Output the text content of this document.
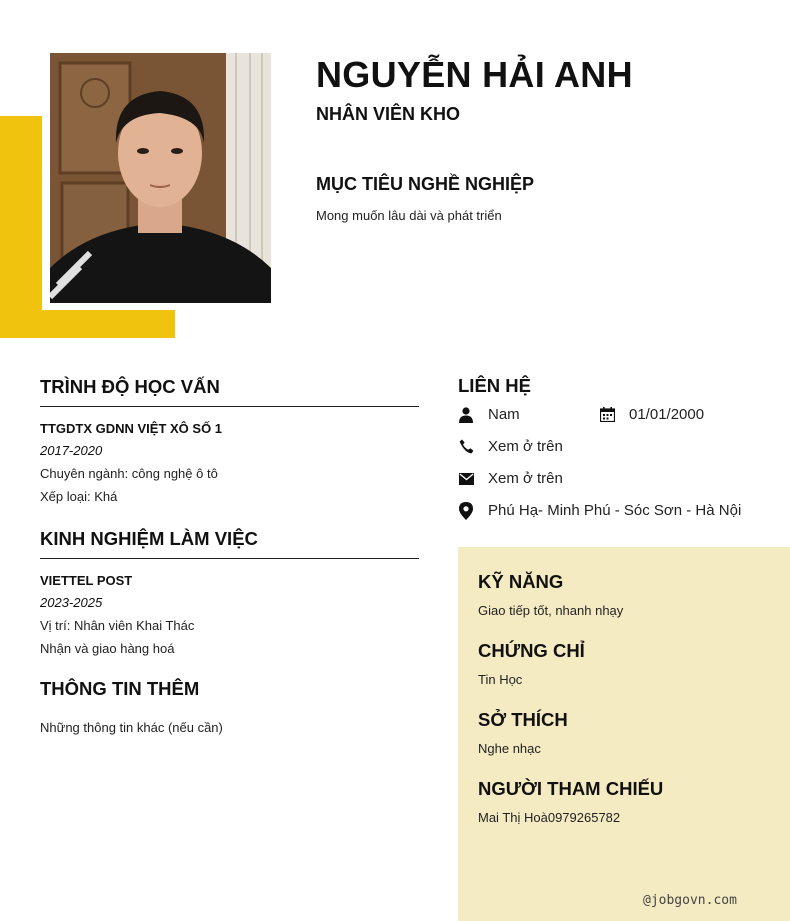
NGUYỄN HẢI ANH
NHÂN VIÊN KHO
MỤC TIÊU NGHỀ NGHIỆP
Mong muốn lâu dài và phát triển
TRÌNH ĐỘ HỌC VẤN
TTGDTX GDNN VIỆT XÔ SỐ 1
2017-2020
Chuyên ngành: công nghệ ô tô
Xếp loại: Khá
KINH NGHIỆM LÀM VIỆC
VIETTEL POST
2023-2025
Vị trí: Nhân viên Khai Thác
Nhận và giao hàng hoá
THÔNG TIN THÊM
Những thông tin khác (nếu cần)
LIÊN HỆ
Nam	01/01/2000
Xem ở trên
Xem ở trên
Phú Hạ- Minh Phú - Sóc Sơn - Hà Nội
KỸ NĂNG
Giao tiếp tốt, nhanh nhạy
CHỨNG CHỈ
Tin Học
SỞ THÍCH
Nghe nhạc
NGƯỜI THAM CHIẾU
Mai Thị Hoà0979265782
@jobgovn.com
